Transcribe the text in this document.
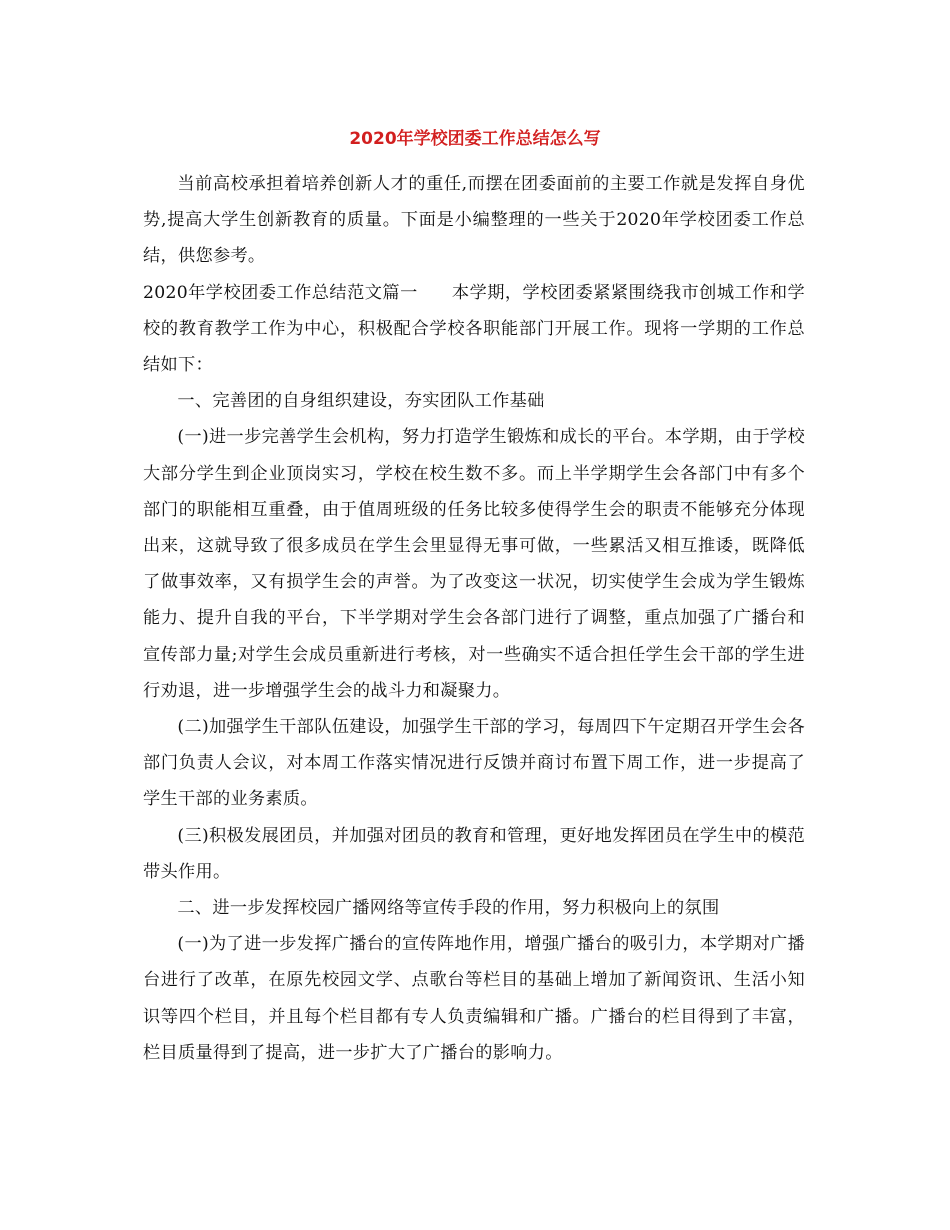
2020年学校团委工作总结怎么写

当前高校承担着培养创新人才的重任,而摆在团委面前的主要工作就是发挥自身优势,提高大学生创新教育的质量。下面是小编整理的一些关于2020年学校团委工作总结，供您参考。

2020年学校团委工作总结范文篇一 本学期，学校团委紧紧围绕我市创城工作和学校的教育教学工作为中心，积极配合学校各职能部门开展工作。现将一学期的工作总结如下：

一、完善团的自身组织建设，夯实团队工作基础

(一)进一步完善学生会机构，努力打造学生锻炼和成长的平台。本学期，由于学校大部分学生到企业顶岗实习，学校在校生数不多。而上半学期学生会各部门中有多个部门的职能相互重叠，由于值周班级的任务比较多使得学生会的职责不能够充分体现出来，这就导致了很多成员在学生会里显得无事可做，一些累活又相互推诿，既降低了做事效率，又有损学生会的声誉。为了改变这一状况，切实使学生会成为学生锻炼能力、提升自我的平台，下半学期对学生会各部门进行了调整，重点加强了广播台和宣传部力量;对学生会成员重新进行考核，对一些确实不适合担任学生会干部的学生进行劝退，进一步增强学生会的战斗力和凝聚力。

(二)加强学生干部队伍建设，加强学生干部的学习，每周四下午定期召开学生会各部门负责人会议，对本周工作落实情况进行反馈并商讨布置下周工作，进一步提高了学生干部的业务素质。

(三)积极发展团员，并加强对团员的教育和管理，更好地发挥团员在学生中的模范带头作用。

二、进一步发挥校园广播网络等宣传手段的作用，努力积极向上的氛围

(一)为了进一步发挥广播台的宣传阵地作用，增强广播台的吸引力，本学期对广播台进行了改革，在原先校园文学、点歌台等栏目的基础上增加了新闻资讯、生活小知识等四个栏目，并且每个栏目都有专人负责编辑和广播。广播台的栏目得到了丰富，栏目质量得到了提高，进一步扩大了广播台的影响力。
